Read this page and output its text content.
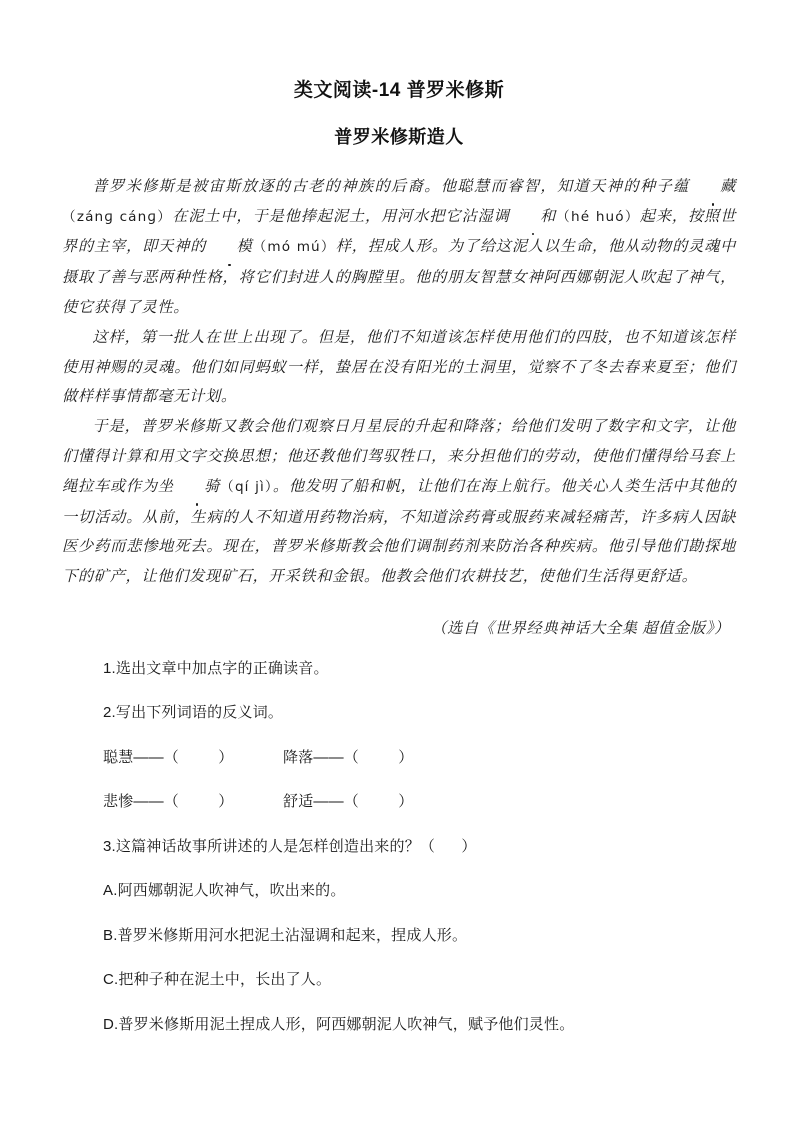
类文阅读-14 普罗米修斯
普罗米修斯造人

普罗米修斯是被宙斯放逐的古老的神族的后裔。他聪慧而睿智，知道天神的种子蕴 藏（zánɡ cánɡ）在泥土中，于是他捧起泥土，用河水把它沾湿调 和（hé huó）起来，按照世界的主宰，即天神的 模（mó mú）样，捏成人形。为了给这泥人以生命，他从动物的灵魂中摄取了善与恶两种性格，将它们封进人的胸膛里。他的朋友智慧女神阿西娜朝泥人吹起了神气，使它获得了灵性。

这样，第一批人在世上出现了。但是，他们不知道该怎样使用他们的四肢，也不知道该怎样使用神赐的灵魂。他们如同蚂蚁一样，蛰居在没有阳光的土洞里，觉察不了冬去春来夏至；他们做样样事情都毫无计划。

于是，普罗米修斯又教会他们观察日月星辰的升起和降落；给他们发明了数字和文字，让他们懂得计算和用文字交换思想；他还教他们驾驭牲口，来分担他们的劳动，使他们懂得给马套上绳拉车或作为坐 骑（qí jì）。他发明了船和帆，让他们在海上航行。他关心人类生活中其他的一切活动。从前，生病的人不知道用药物治病，不知道涂药膏或服药来减轻痛苦，许多病人因缺医少药而悲惨地死去。现在，普罗米修斯教会他们调制药剂来防治各种疾病。他引导他们勘探地下的矿产，让他们发现矿石，开采铁和金银。他教会他们农耕技艺，使他们生活得更舒适。

（选自《世界经典神话大全集 超值金版》）

1.选出文章中加点字的正确读音。

2.写出下列词语的反义词。

聪慧——（         ）	降落——（         ）
悲惨——（         ）	舒适——（         ）

3.这篇神话故事所讲述的人是怎样创造出来的？（      ）

A.阿西娜朝泥人吹神气，吹出来的。

B.普罗米修斯用河水把泥土沾湿调和起来，捏成人形。

C.把种子种在泥土中，长出了人。

D.普罗米修斯用泥土捏成人形，阿西娜朝泥人吹神气，赋予他们灵性。
